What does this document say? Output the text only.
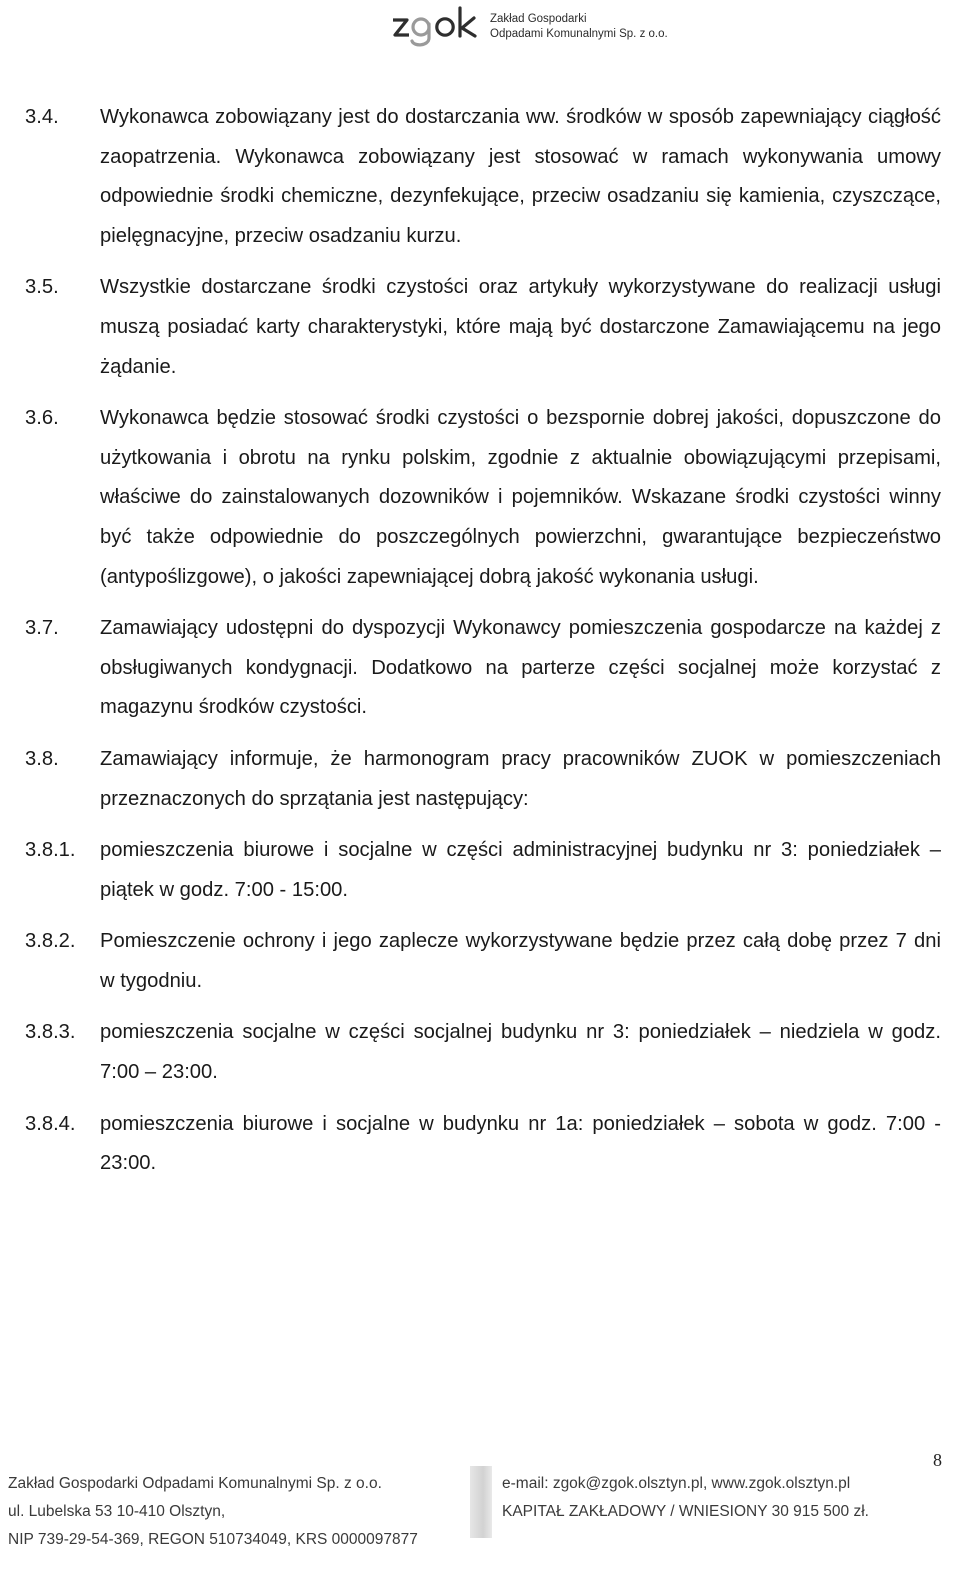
Zakład Gospodarki
Odpadami Komunalnymi Sp. z o.o.
3.4. Wykonawca zobowiązany jest do dostarczania ww. środków w sposób zapewniający ciągłość zaopatrzenia. Wykonawca zobowiązany jest stosować w ramach wykonywania umowy odpowiednie środki chemiczne, dezynfekujące, przeciw osadzaniu się kamienia, czyszczące, pielęgnacyjne, przeciw osadzaniu kurzu.
3.5. Wszystkie dostarczane środki czystości oraz artykuły wykorzystywane do realizacji usługi muszą posiadać karty charakterystyki, które mają być dostarczone Zamawiającemu na jego żądanie.
3.6. Wykonawca będzie stosować środki czystości o bezspornie dobrej jakości, dopuszczone do użytkowania i obrotu na rynku polskim, zgodnie z aktualnie obowiązującymi przepisami, właściwe do zainstalowanych dozowników i pojemników. Wskazane środki czystości winny być także odpowiednie do poszczególnych powierzchni, gwarantujące bezpieczeństwo (antypoślizgowe), o jakości zapewniającej dobrą jakość wykonania usługi.
3.7. Zamawiający udostępni do dyspozycji Wykonawcy pomieszczenia gospodarcze na każdej z obsługiwanych kondygnacji. Dodatkowo na parterze części socjalnej może korzystać z magazynu środków czystości.
3.8. Zamawiający informuje, że harmonogram pracy pracowników ZUOK w pomieszczeniach przeznaczonych do sprzątania jest następujący:
3.8.1. pomieszczenia biurowe i socjalne w części administracyjnej budynku nr 3: poniedziałek – piątek w godz. 7:00 - 15:00.
3.8.2. Pomieszczenie ochrony i jego zaplecze wykorzystywane będzie przez całą dobę przez 7 dni w tygodniu.
3.8.3. pomieszczenia socjalne w części socjalnej budynku nr 3: poniedziałek – niedziela w godz. 7:00 – 23:00.
3.8.4. pomieszczenia biurowe i socjalne w budynku nr 1a: poniedziałek – sobota w godz. 7:00 - 23:00.
8
Zakład Gospodarki Odpadami Komunalnymi Sp. z o.o.
ul. Lubelska 53 10-410 Olsztyn,
NIP 739-29-54-369, REGON 510734049, KRS 0000097877
e-mail: zgok@zgok.olsztyn.pl, www.zgok.olsztyn.pl
KAPITAŁ ZAKŁADOWY / WNIESIONY 30 915 500 zł.
